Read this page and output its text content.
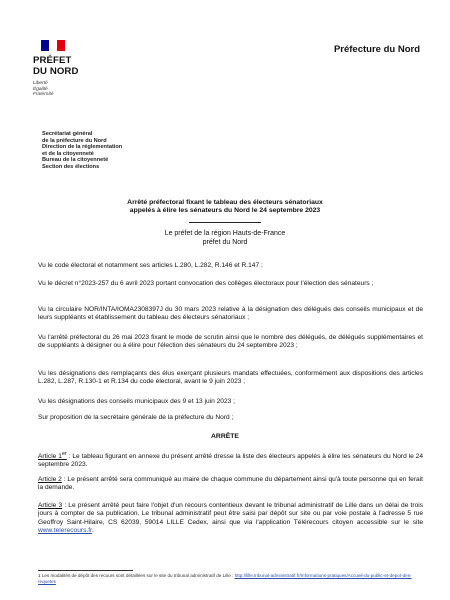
PRÉFET
DU NORD
Liberté
Égalité
Fraternité
Préfecture du Nord
Secrétariat général
de la préfecture du Nord
Direction de la réglementation
et de la citoyenneté
Bureau de la citoyenneté
Section des élections
Arrêté préfectoral fixant le tableau des électeurs sénatoriaux
appelés à élire les sénateurs du Nord le 24 septembre 2023
Le préfet de la région Hauts-de-France
préfet du Nord

Vu le code électoral et notamment ses articles L.280, L.282, R.146 et R.147 ;

Vu le décret n°2023-257 du 6 avril 2023 portant convocation des collèges électoraux pour l'élection des sénateurs ;

Vu la circulaire NOR/INTA/IOMA2308397J du 30 mars 2023 relative à la désignation des délégués des conseils municipaux et de leurs suppléants et établissement du tableau des électeurs sénatoriaux ;

Vu l'arrêté préfectoral du 26 mai 2023 fixant le mode de scrutin ainsi que le nombre des délégués, de délégués supplémentaires et de suppléants à désigner ou à élire pour l'élection des sénateurs du 24 septembre 2023 ;

Vu les désignations des remplaçants des élus exerçant plusieurs mandats effectuées, conformément aux dispositions des articles L.282, L.287, R.130-1 et R.134 du code électoral, avant le 9 juin 2023 ;

Vu les désignations des conseils municipaux des 9 et 13 juin 2023 ;

Sur proposition de la secrétaire générale de la préfecture du Nord ;

ARRÊTE

Article 1er : Le tableau figurant en annexe du présent arrêté dresse la liste des électeurs appelés à élire les sénateurs du Nord le 24 septembre 2023.

Article 2 : Le présent arrêté sera communiqué au maire de chaque commune du département ainsi qu'à toute personne qui en ferait la demande.

Article 3 : Le présent arrêté peut faire l'objet d'un recours contentieux devant le tribunal administratif de Lille dans un délai de trois jours à compter de sa publication. Le tribunal administratif peut être saisi par dépôt sur site ou par voie postale à l'adresse 5 rue Geoffroy Saint-Hilaire, CS 62039, 59014 LILLE Cedex, ainsi que via l'application Télérecours citoyen accessible sur le site www.telerecours.fr.

1 Les modalités de dépôt des recours sont détaillées sur le site du tribunal administratif de Lille : http://lille.tribunal-administratif.fr/Informations-pratiques/Accueil-du-public-et-depot-des-requetes
